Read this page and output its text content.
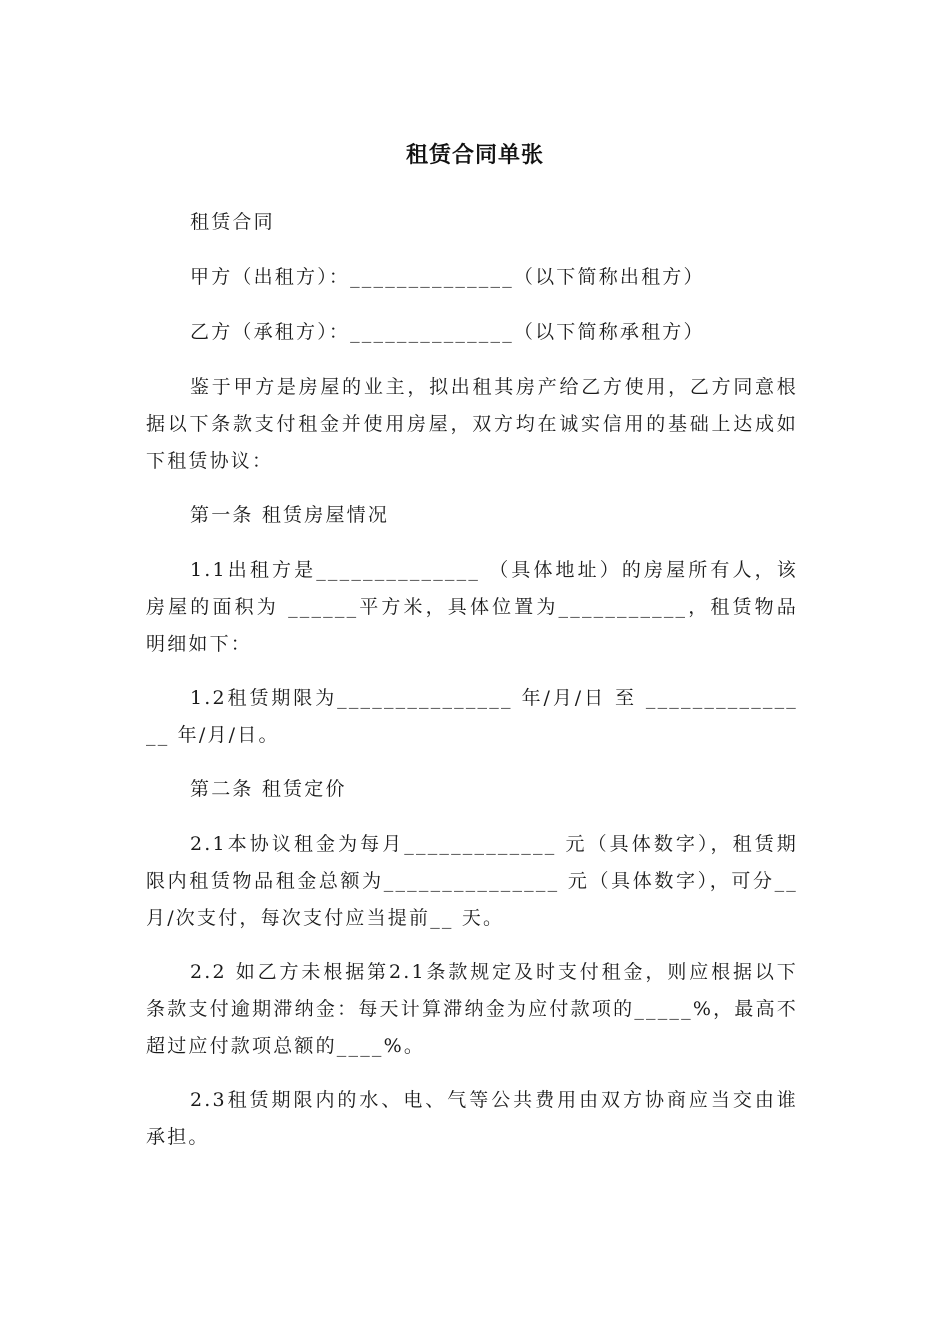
租赁合同单张

租赁合同

甲方（出租方）：______________（以下简称出租方）

乙方（承租方）：______________（以下简称承租方）

鉴于甲方是房屋的业主，拟出租其房产给乙方使用，乙方同意根据以下条款支付租金并使用房屋，双方均在诚实信用的基础上达成如下租赁协议：

第一条 租赁房屋情况

1.1出租方是______________ （具体地址）的房屋所有人，该房屋的面积为 ______平方米，具体位置为___________，租赁物品明细如下：

1.2租赁期限为_______________ 年/月/日 至 _______________ 年/月/日。

第二条 租赁定价

2.1本协议租金为每月_____________ 元（具体数字），租赁期限内租赁物品租金总额为_______________ 元（具体数字），可分__ 月/次支付，每次支付应当提前__ 天。

2.2 如乙方未根据第2.1条款规定及时支付租金，则应根据以下条款支付逾期滞纳金：每天计算滞纳金为应付款项的_____%，最高不超过应付款项总额的____%。

2.3租赁期限内的水、电、气等公共费用由双方协商应当交由谁承担。
